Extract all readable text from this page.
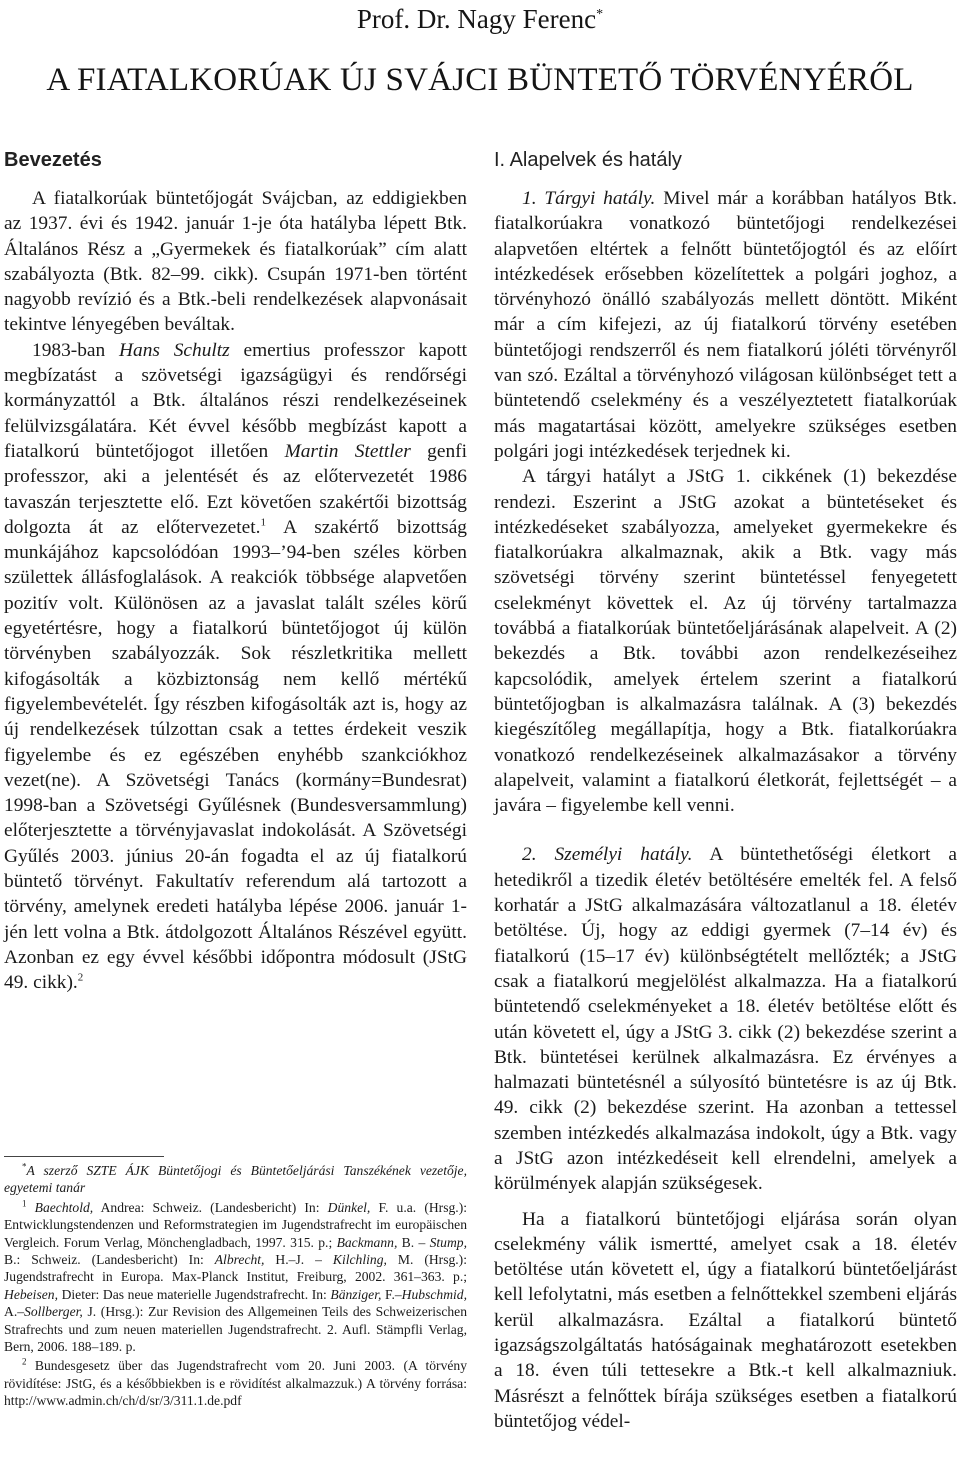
Prof. Dr. Nagy Ferenc*
A FIATALKORÚAK ÚJ SVÁJCI BÜNTETŐ TÖRVÉNYÉRŐL
Bevezetés

A fiatalkorúak büntetőjogát Svájcban, az eddigiekben az 1937. évi és 1942. január 1-je óta hatályba lépett Btk. Általános Rész a „Gyermekek és fiatalkorúak” cím alatt szabályozta (Btk. 82–99. cikk). Csupán 1971-ben történt nagyobb revízió és a Btk.-beli rendelkezések alapvonásait tekintve lényegében beváltak.

1983-ban Hans Schultz emertius professzor kapott megbízatást a szövetségi igazságügyi és rendőrségi kormányzattól a Btk. általános részi rendelkezéseinek felülvizsgálatára. Két évvel később megbízást kapott a fiatalkorú büntetőjogot illetően Martin Stettler genfi professzor, aki a jelentését és az előtervezetét 1986 tavaszán terjesztette elő. Ezt követően szakértői bizottság dolgozta át az előtervezetet.$^1$ A szakértő bizottság munkájához kapcsolódóan 1993–’94-ben széles körben születtek állásfoglalások. A reakciók többsége alapvetően pozitív volt. Különösen az a javaslat talált széles körű egyetértésre, hogy a fiatalkorú büntetőjogot új külön törvényben szabályozzák. Sok részletkritika mellett kifogásolták a közbiztonság nem kellő mértékű figyelembevételét. Így részben kifogásolták azt is, hogy az új rendelkezések túlzottan csak a tettes érdekeit veszik figyelembe és ez egészében enyhébb szankciókhoz vezet(ne). A Szövetségi Tanács (kormány=Bundesrat) 1998-ban a Szövetségi Gyűlésnek (Bundesversammlung) előterjesztette a törvényjavaslat indokolását. A Szövetségi Gyűlés 2003. június 20-án fogadta el az új fiatalkorú büntető törvényt. Fakultatív referendum alá tartozott a törvény, amelynek eredeti hatályba lépése 2006. január 1-jén lett volna a Btk. átdolgozott Általános Részével együtt. Azonban ez egy évvel későbbi időpontra módosult (JStG 49. cikk).$^2$

*A szerző SZTE ÁJK Büntetőjogi és Büntetőeljárási Tanszékének vezetője, egyetemi tanár

$^1$ Baechtold, Andrea: Schweiz. (Landesbericht) In: Dünkel, F. u.a. (Hrsg.): Entwicklungstendenzen und Reformstrategien im Jugendstrafrecht im europäischen Vergleich. Forum Verlag, Mönchengladbach, 1997. 315. p.; Backmann, B. – Stump, B.: Schweiz. (Landesbericht) In: Albrecht, H.–J. – Kilchling, M. (Hrsg.): Jugendstrafrecht in Europa. Max-Planck Institut, Freiburg, 2002. 361–363. p.; Hebeisen, Dieter: Das neue materielle Jugendstrafrecht. In: Bänziger, F.–Hubschmid, A.–Sollberger, J. (Hrsg.): Zur Revision des Allgemeinen Teils des Schweizerischen Strafrechts und zum neuen materiellen Jugendstrafrecht. 2. Aufl. Stämpfli Verlag, Bern, 2006. 188–189. p.

$^2$ Bundesgesetz über das Jugendstrafrecht vom 20. Juni 2003. (A törvény rövidítése: JStG, és a későbbiekben is e rövidítést alkalmazzuk.) A törvény forrása: http://www.admin.ch/ch/d/sr/3/311.1.de.pdf

I. Alapelvek és hatály

1. Tárgyi hatály. Mivel már a korábban hatályos Btk. fiatalkorúakra vonatkozó büntetőjogi rendelkezései alapvetően eltértek a felnőtt büntetőjogtól és az előírt intézkedések erősebben közelítettek a polgári joghoz, a törvényhozó önálló szabályozás mellett döntött. Miként már a cím kifejezi, az új fiatalkorú törvény esetében büntetőjogi rendszerről és nem fiatalkorú jóléti törvényről van szó. Ezáltal a törvényhozó világosan különbséget tett a büntetendő cselekmény és a veszélyeztetett fiatalkorúak más magatartásai között, amelyekre szükséges esetben polgári jogi intézkedések terjednek ki.

A tárgyi hatályt a JStG 1. cikkének (1) bekezdése rendezi. Eszerint a JStG azokat a büntetéseket és intézkedéseket szabályozza, amelyeket gyermekekre és fiatalkorúakra alkalmaznak, akik a Btk. vagy más szövetségi törvény szerint büntetéssel fenyegetett cselekményt követtek el. Az új törvény tartalmazza továbbá a fiatalkorúak büntetőeljárásának alapelveit. A (2) bekezdés a Btk. további azon rendelkezéseihez kapcsolódik, amelyek értelem szerint a fiatalkorú büntetőjogban is alkalmazásra találnak. A (3) bekezdés kiegészítőleg megállapítja, hogy a Btk. fiatalkorúakra vonatkozó rendelkezéseinek alkalmazásakor a törvény alapelveit, valamint a fiatalkorú életkorát, fejlettségét – a javára – figyelembe kell venni.

2. Személyi hatály. A büntethetőségi életkort a hetedikről a tizedik életév betöltésére emelték fel. A felső korhatár a JStG alkalmazására változatlanul a 18. életév betöltése. Új, hogy az eddigi gyermek (7–14 év) és fiatalkorú (15–17 év) különbségtételt mellőzték; a JStG csak a fiatalkorú megjelölést alkalmazza. Ha a fiatalkorú büntetendő cselekményeket a 18. életév betöltése előtt és után követett el, úgy a JStG 3. cikk (2) bekezdése szerint a Btk. büntetései kerülnek alkalmazásra. Ez érvényes a halmazati büntetésnél a súlyosító büntetésre is az új Btk. 49. cikk (2) bekezdése szerint. Ha azonban a tettessel szemben intézkedés alkalmazása indokolt, úgy a Btk. vagy a JStG azon intézkedéseit kell elrendelni, amelyek a körülmények alapján szükségesek.

Ha a fiatalkorú büntetőjogi eljárása során olyan cselekmény válik ismertté, amelyet csak a 18. életév betöltése után követett el, úgy a fiatalkorú büntetőeljárást kell lefolytatni, más esetben a felnőttekkel szembeni eljárás kerül alkalmazásra. Ezáltal a fiatalkorú büntető igazságszolgáltatás hatóságainak meghatározott esetekben a 18. éven túli tettesekre a Btk.-t kell alkalmazniuk. Másrészt a felnőttek bírája szükséges esetben a fiatalkorú büntetőjog védel-
